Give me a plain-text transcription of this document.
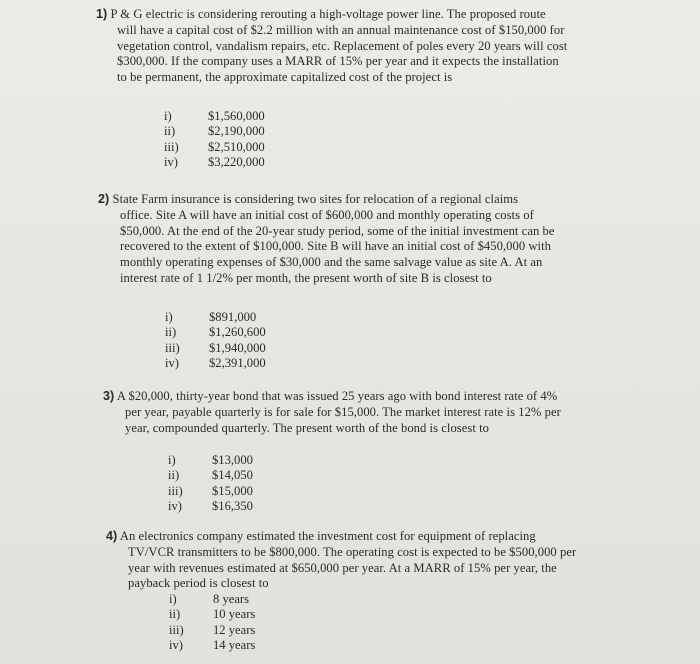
1) P & G electric is considering rerouting a high-voltage power line. The proposed route
will have a capital cost of $2.2 million with an annual maintenance cost of $150,000 for
vegetation control, vandalism repairs, etc. Replacement of poles every 20 years will cost
$300,000. If the company uses a MARR of 15% per year and it expects the installation
to be permanent, the approximate capitalized cost of the project is
i)	$1,560,000
ii)	$2,190,000
iii) $2,510,000
iv) $3,220,000
2) State Farm insurance is considering two sites for relocation of a regional claims
office. Site A will have an initial cost of $600,000 and monthly operating costs of
$50,000. At the end of the 20-year study period, some of the initial investment can be
recovered to the extent of $100,000. Site B will have an initial cost of $450,000 with
monthly operating expenses of $30,000 and the same salvage value as site A. At an
interest rate of 1 1/2% per month, the present worth of site B is closest to
i)	$891,000
ii)	$1,260,600
iii) $1,940,000
iv) $2,391,000
3) A $20,000, thirty-year bond that was issued 25 years ago with bond interest rate of 4%
per year, payable quarterly is for sale for $15,000. The market interest rate is 12% per
year, compounded quarterly. The present worth of the bond is closest to
i)	$13,000
ii)	$14,050
iii) $15,000
iv) $16,350
4) An electronics company estimated the investment cost for equipment of replacing
TV/VCR transmitters to be $800,000. The operating cost is expected to be $500,000 per
year with revenues estimated at $650,000 per year. At a MARR of 15% per year, the
payback period is closest to
i)	8 years
ii)	10 years
iii) 12 years
iv) 14 years
